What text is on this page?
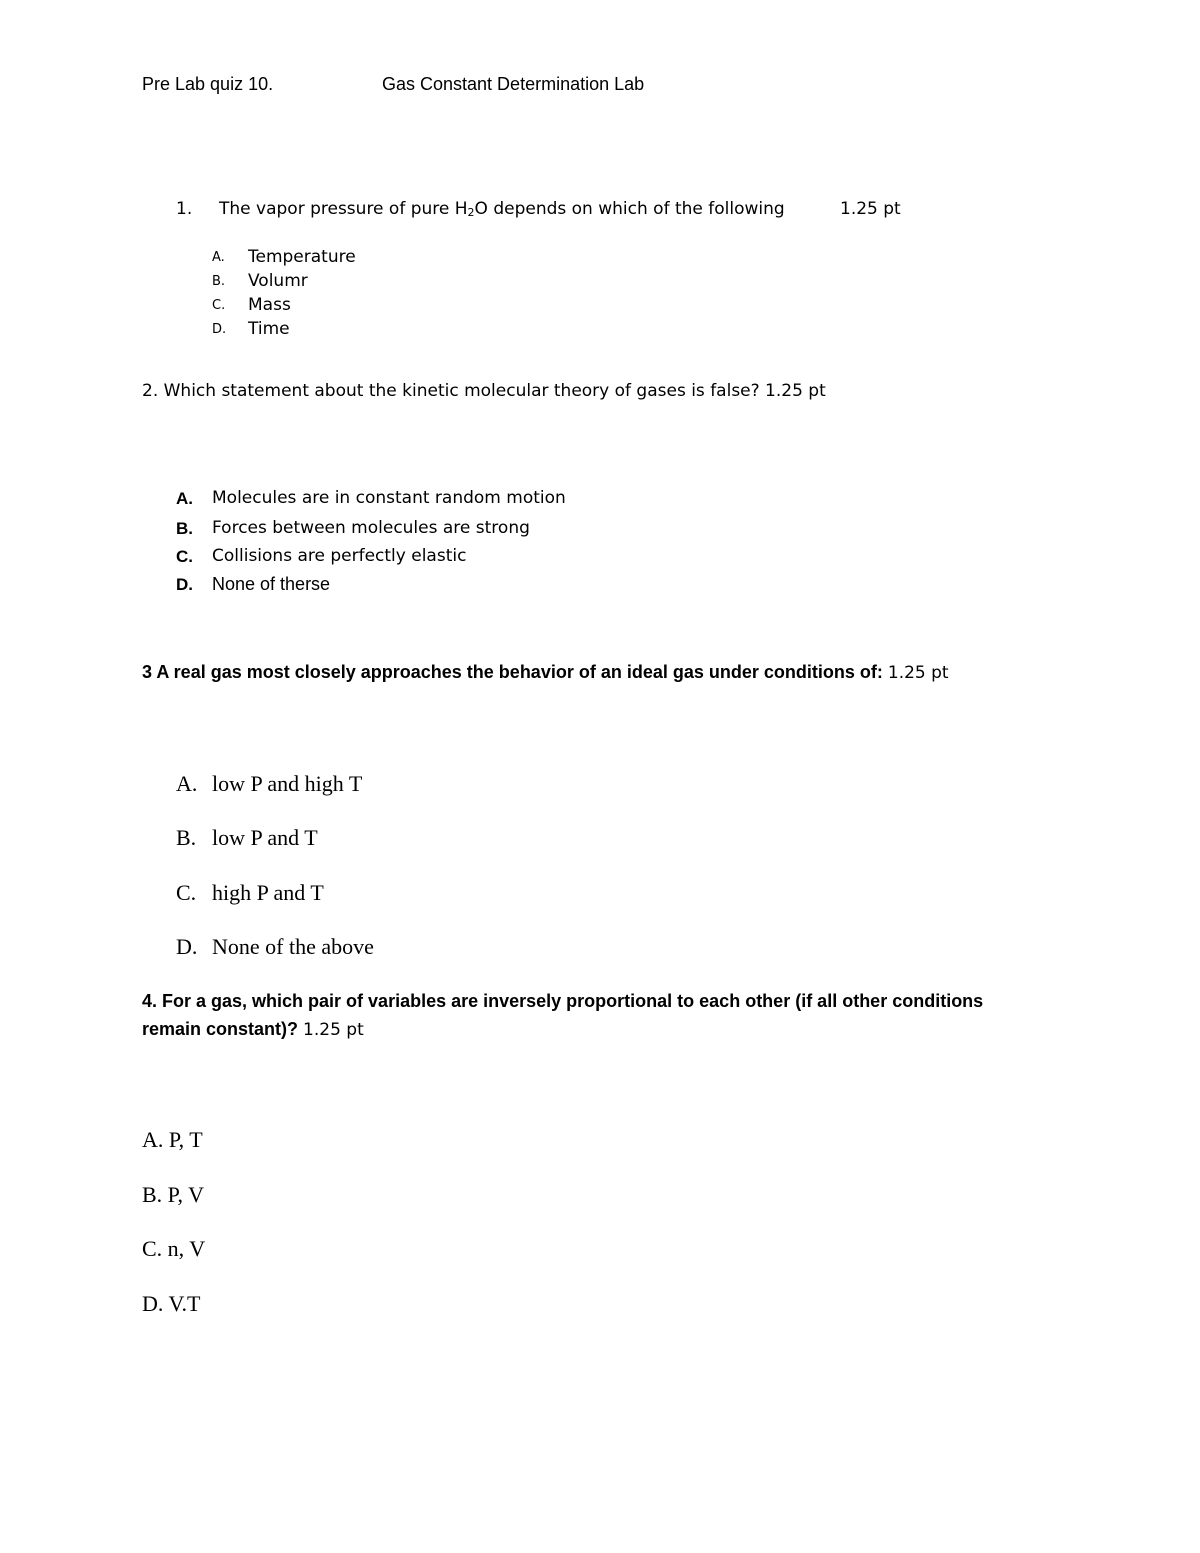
Pre Lab quiz 10.	Gas Constant Determination Lab
1. The vapor pressure of pure $H_2O$ depends on which of the following	1.25 pt
A. Temperature
B. Volumr
C. Mass
D. Time
2. Which statement about the kinetic molecular theory of gases is false? 1.25 pt
A. Molecules are in constant random motion
B. Forces between molecules are strong
C. Collisions are perfectly elastic
D. None of therse
3 A real gas most closely approaches the behavior of an ideal gas under conditions of: 1.25 pt
A. low P and high T
B. low P and T
C. high P and T
D. None of the above
4. For a gas, which pair of variables are inversely proportional to each other (if all other conditions
remain constant)? 1.25 pt
A. P, T
B. P, V
C. n, V
D. V.T
